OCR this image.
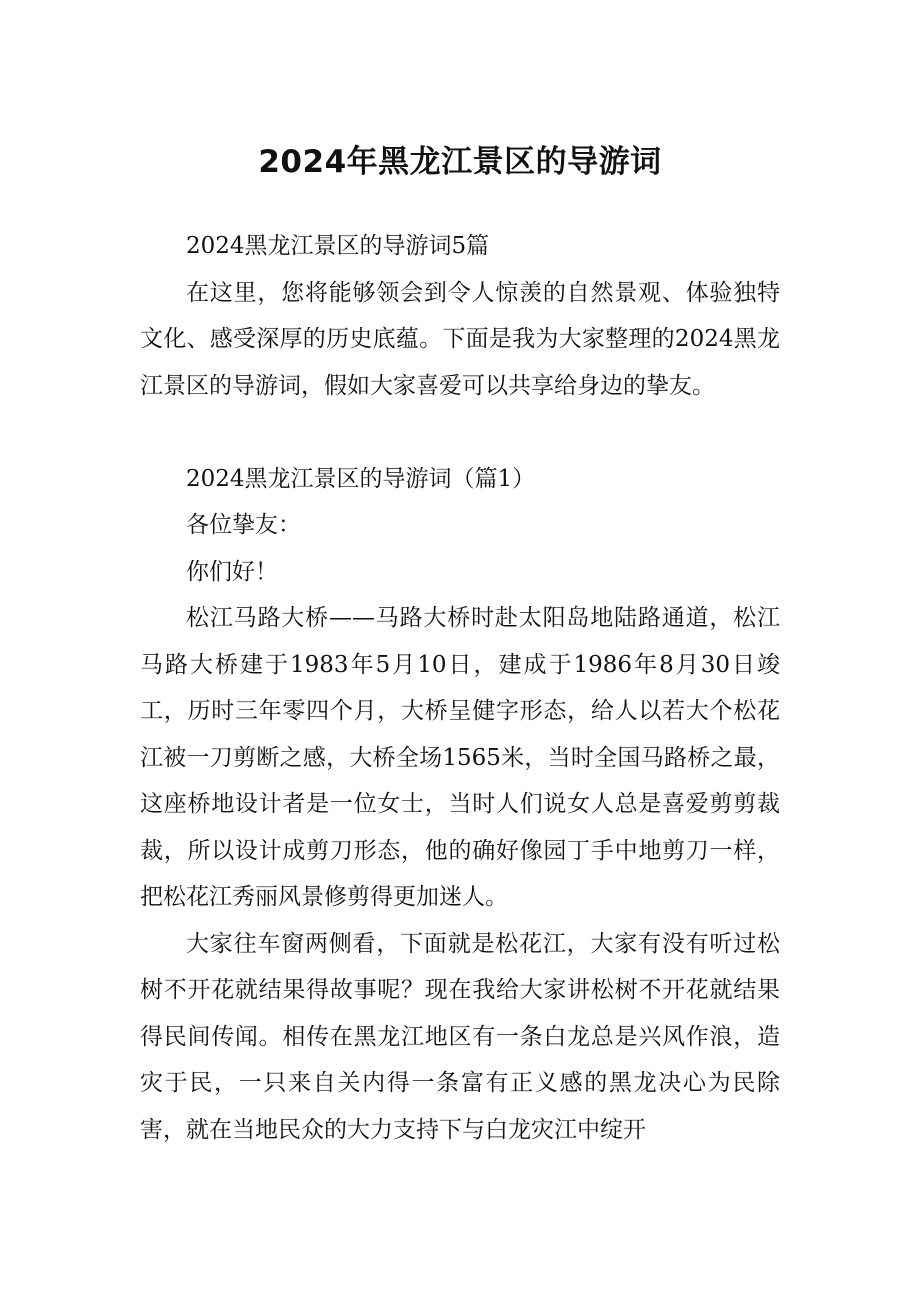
2024年黑龙江景区的导游词

2024黑龙江景区的导游词5篇

在这里，您将能够领会到令人惊羡的自然景观、体验独特文化、感受深厚的历史底蕴。下面是我为大家整理的2024黑龙江景区的导游词，假如大家喜爱可以共享给身边的挚友。

2024黑龙江景区的导游词（篇1）

各位挚友：

你们好！

松江马路大桥——马路大桥时赴太阳岛地陆路通道，松江马路大桥建于1983年5月10日，建成于1986年8月30日竣工，历时三年零四个月，大桥呈健字形态，给人以若大个松花江被一刀剪断之感，大桥全场1565米，当时全国马路桥之最，这座桥地设计者是一位女士，当时人们说女人总是喜爱剪剪裁裁，所以设计成剪刀形态，他的确好像园丁手中地剪刀一样，把松花江秀丽风景修剪得更加迷人。

大家往车窗两侧看，下面就是松花江，大家有没有听过松树不开花就结果得故事呢？现在我给大家讲松树不开花就结果得民间传闻。相传在黑龙江地区有一条白龙总是兴风作浪，造灾于民，一只来自关内得一条富有正义感的黑龙决心为民除害，就在当地民众的大力支持下与白龙灾江中绽开
